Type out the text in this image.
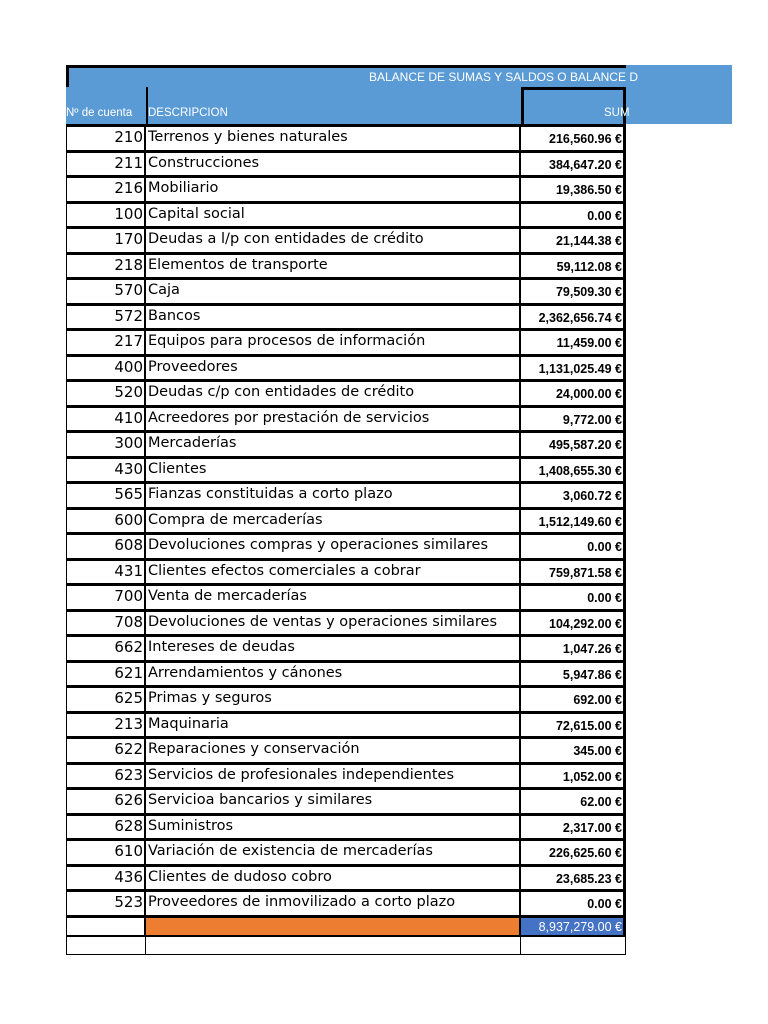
BALANCE DE SUMAS Y SALDOS O BALANCE D
Nº de cuenta	DESCRIPCION	SUM
210 Terrenos y bienes naturales	216,560.96 €
211 Construcciones	384,647.20 €
216 Mobiliario	19,386.50 €
100 Capital social	0.00 €
170 Deudas a l/p con entidades de crédito	21,144.38 €
218 Elementos de transporte	59,112.08 €
570 Caja	79,509.30 €
572 Bancos	2,362,656.74 €
217 Equipos para procesos de información	11,459.00 €
400 Proveedores	1,131,025.49 €
520 Deudas c/p con entidades de crédito	24,000.00 €
410 Acreedores por prestación de servicios	9,772.00 €
300 Mercaderías	495,587.20 €
430 Clientes	1,408,655.30 €
565 Fianzas constituidas a corto plazo	3,060.72 €
600 Compra de mercaderías	1,512,149.60 €
608 Devoluciones compras y operaciones similares	0.00 €
431 Clientes efectos comerciales a cobrar	759,871.58 €
700 Venta de mercaderías	0.00 €
708 Devoluciones de ventas y operaciones similares	104,292.00 €
662 Intereses de deudas	1,047.26 €
621 Arrendamientos y cánones	5,947.86 €
625 Primas y seguros	692.00 €
213 Maquinaria	72,615.00 €
622 Reparaciones y conservación	345.00 €
623 Servicios de profesionales independientes	1,052.00 €
626 Servicioa bancarios y similares	62.00 €
628 Suministros	2,317.00 €
610 Variación de existencia de mercaderías	226,625.60 €
436 Clientes de dudoso cobro	23,685.23 €
523 Proveedores de inmovilizado a corto plazo	0.00 €
8,937,279.00 €
